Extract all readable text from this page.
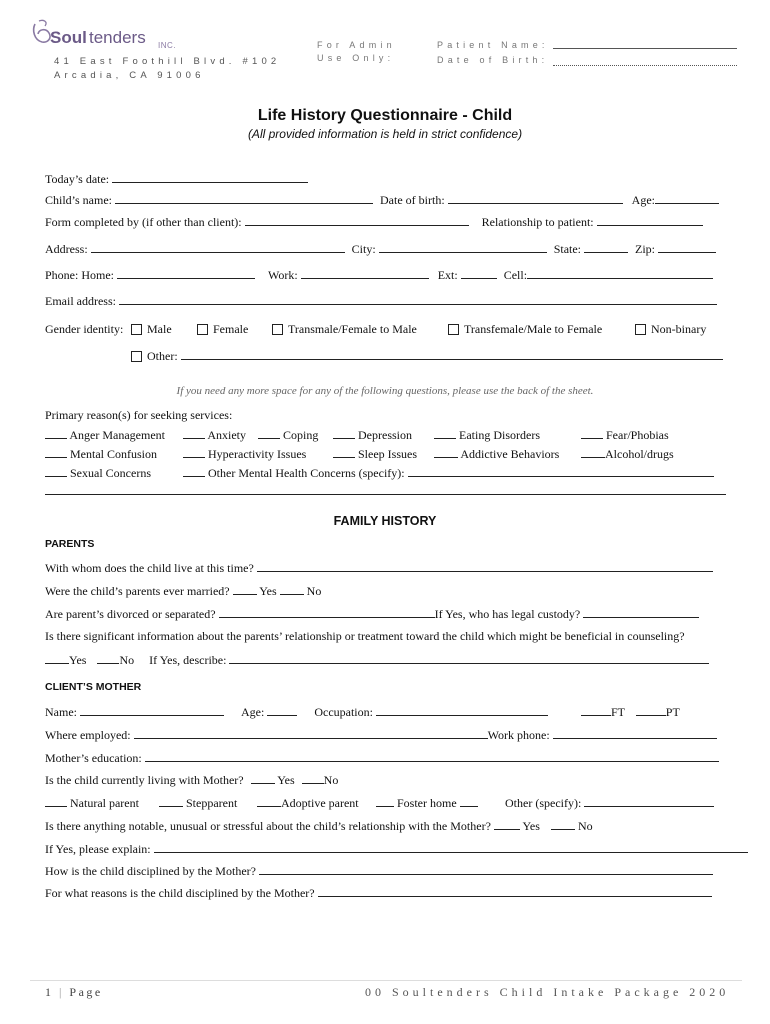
Soul tenders INC.
41 East Foothill Blvd. #102
Arcadia, CA 91006
For Admin
Use Only:
Patient Name:
Date of Birth:
Life History Questionnaire - Child
(All provided information is held in strict confidence)
Today’s date:
Child’s name:	Date of birth:	Age:
Form completed by (if other than client):	Relationship to patient:
Address:	City:	State:	Zip:
Phone: Home:	Work:	Ext:	Cell:
Email address:
Gender identity:	Male	Female	Transmale/Female to Male	Transfemale/Male to Female	Non-binary
Other:
If you need any more space for any of the following questions, please use the back of the sheet.
Primary reason(s) for seeking services:
Anger Management	Anxiety	Coping	Depression	Eating Disorders	Fear/Phobias
Mental Confusion	Hyperactivity Issues	Sleep Issues	Addictive Behaviors	Alcohol/drugs
Sexual Concerns	Other Mental Health Concerns (specify):
FAMILY HISTORY
PARENTS
With whom does the child live at this time?
Were the child’s parents ever married? Yes	No
Are parent’s divorced or separated?	If Yes, who has legal custody?
Is there significant information about the parents’ relationship or treatment toward the child which might be beneficial in counseling?
Yes	No If Yes, describe:
CLIENT’S MOTHER
Name:	Age:	Occupation:	FT	PT
Where employed:	Work phone:
Mother’s education:
Is the child currently living with Mother?	Yes No
Natural parent	Stepparent	Adoptive parent	Foster home	Other (specify):
Is there anything notable, unusual or stressful about the child’s relationship with the Mother?	Yes	No
If Yes, please explain:
How is the child disciplined by the Mother?
For what reasons is the child disciplined by the Mother?
1 | Page	00 Soultenders Child Intake Package 2020
